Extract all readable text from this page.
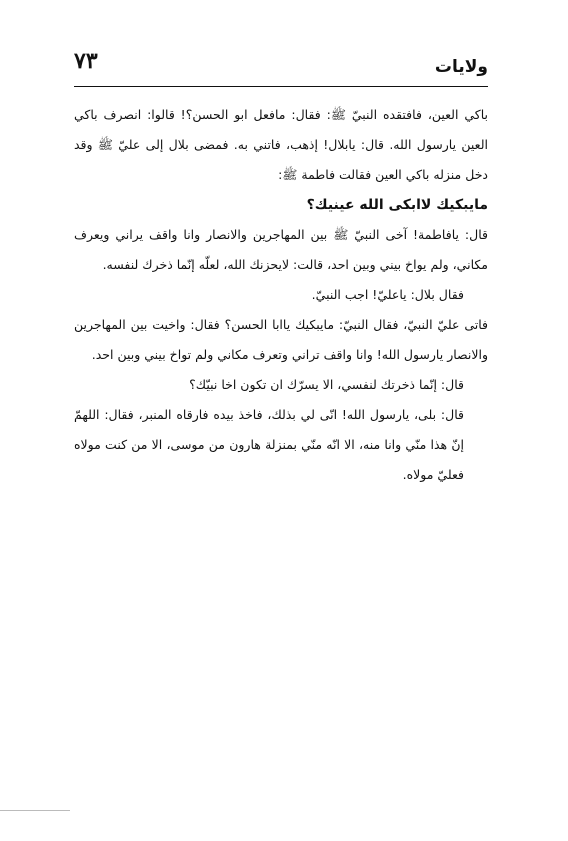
٧٣	ولايات

باكي العين، فافتقده النبيّ ﷺ: فقال: مافعل ابو الحسن؟! قالوا: انصرف باكي العين يارسول الله. قال: يابلال! إذهب، فاتني به. فمضى بلال إلى عليّ ﷺ وقد دخل منزله باكي العين فقالت فاطمة ﷺ:

مايبكيك لاابكى الله عينيك؟

قال: يافاطمة! آخى النبيّ ﷺ بين المهاجرين والانصار وانا واقف يراني ويعرف مكاني، ولم يواخ بيني وبين احد، قالت: لايحزنك الله، لعلّه إنّما ذخرك لنفسه.

فقال بلال: ياعليّ! اجب النبيّ.

فاتى عليّ النبيّ، فقال النبيّ: مايبكيك ياابا الحسن؟ فقال: واخيت بين المهاجرين والانصار يارسول الله! وانا واقف تراني وتعرف مكاني ولم تواخ بيني وبين احد.

قال: إنّما ذخرتك لنفسي، الا يسرّك ان تكون اخا نبيّك؟

قال: بلى، يارسول الله! انّى لي بذلك، فاخذ بيده فارقاه المنبر، فقال: اللهمّ إنّ هذا منّي وانا منه، الا انّه منّي بمنزلة هارون من موسى، الا من كنت مولاه فعليّ مولاه.
